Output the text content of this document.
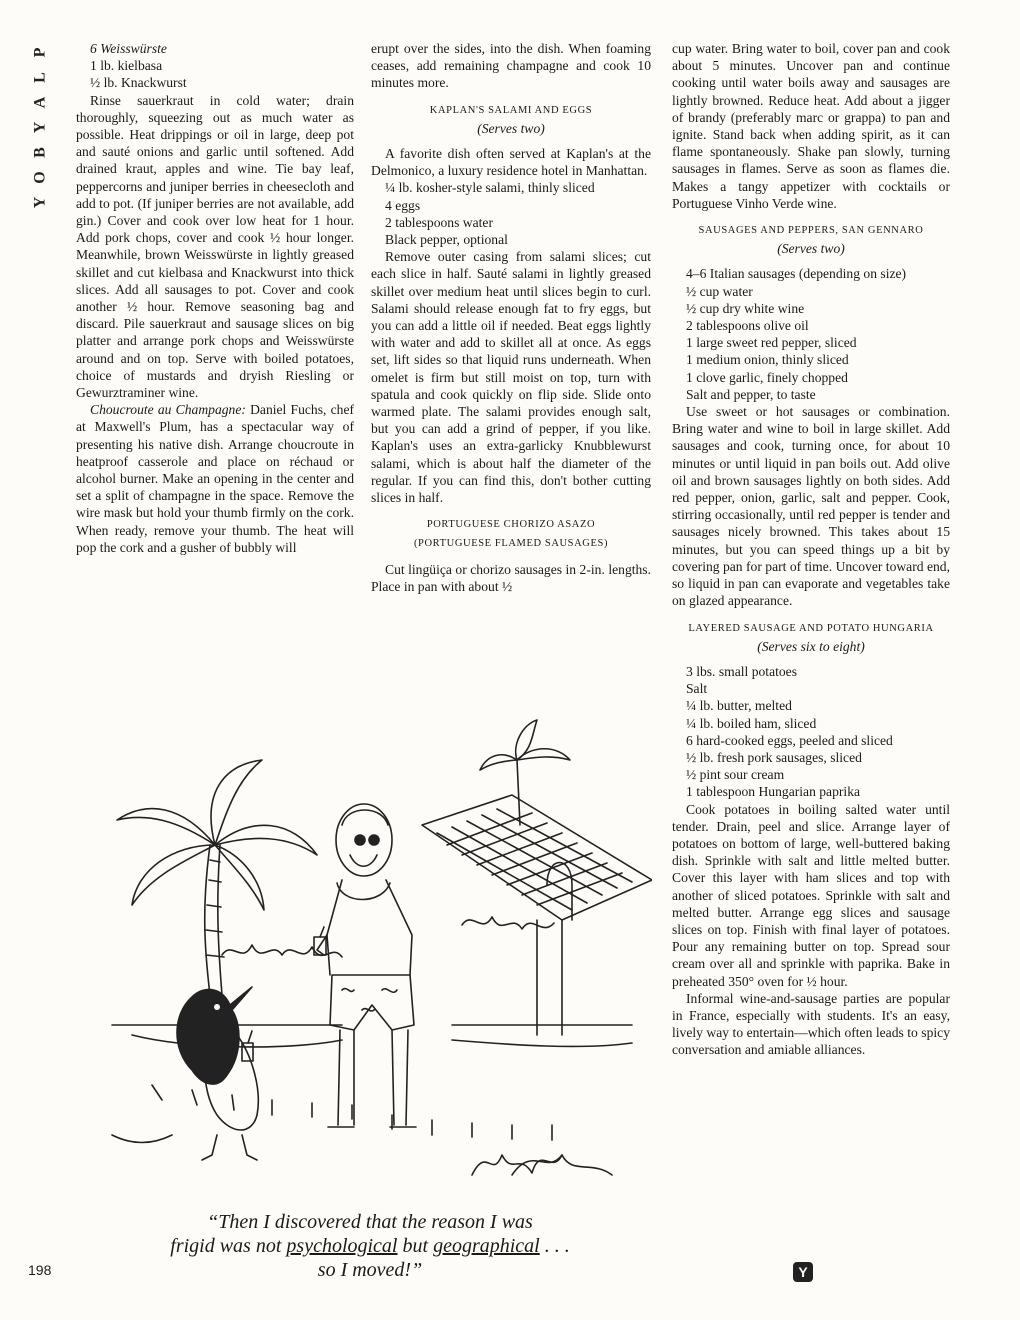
P
L
A
Y
B
O
Y
6 Weisswürste
1 lb. kielbasa
½ lb. Knackwurst

Rinse sauerkraut in cold water; drain thoroughly, squeezing out as much water as possible. Heat drippings or oil in large, deep pot and sauté onions and garlic until softened. Add drained kraut, apples and wine. Tie bay leaf, peppercorns and juniper berries in cheesecloth and add to pot. (If juniper berries are not available, add gin.) Cover and cook over low heat for 1 hour. Add pork chops, cover and cook ½ hour longer. Meanwhile, brown Weisswürste in lightly greased skillet and cut kielbasa and Knackwurst into thick slices. Add all sausages to pot. Cover and cook another ½ hour. Remove seasoning bag and discard. Pile sauerkraut and sausage slices on big platter and arrange pork chops and Weisswürste around and on top. Serve with boiled potatoes, choice of mustards and dryish Riesling or Gewurztraminer wine.

Choucroute au Champagne: Daniel Fuchs, chef at Maxwell's Plum, has a spectacular way of presenting his native dish. Arrange choucroute in heatproof casserole and place on réchaud or alcohol burner. Make an opening in the center and set a split of champagne in the space. Remove the wire mask but hold your thumb firmly on the cork. When ready, remove your thumb. The heat will pop the cork and a gusher of bubbly will

erupt over the sides, into the dish. When foaming ceases, add remaining champagne and cook 10 minutes more.

KAPLAN'S SALAMI AND EGGS
(Serves two)

A favorite dish often served at Kaplan's at the Delmonico, a luxury residence hotel in Manhattan.

¼ lb. kosher-style salami, thinly sliced
4 eggs
2 tablespoons water
Black pepper, optional

Remove outer casing from salami slices; cut each slice in half. Sauté salami in lightly greased skillet over medium heat until slices begin to curl. Salami should release enough fat to fry eggs, but you can add a little oil if needed. Beat eggs lightly with water and add to skillet all at once. As eggs set, lift sides so that liquid runs underneath. When omelet is firm but still moist on top, turn with spatula and cook quickly on flip side. Slide onto warmed plate. The salami provides enough salt, but you can add a grind of pepper, if you like. Kaplan's uses an extra-garlicky Knubblewurst salami, which is about half the diameter of the regular. If you can find this, don't bother cutting slices in half.

PORTUGUESE CHORIZO ASAZO
(PORTUGUESE FLAMED SAUSAGES)

Cut lingüiça or chorizo sausages in 2-in. lengths. Place in pan with about ½

cup water. Bring water to boil, cover pan and cook about 5 minutes. Uncover pan and continue cooking until water boils away and sausages are lightly browned. Reduce heat. Add about a jigger of brandy (preferably marc or grappa) to pan and ignite. Stand back when adding spirit, as it can flame spontaneously. Shake pan slowly, turning sausages in flames. Serve as soon as flames die. Makes a tangy appetizer with cocktails or Portuguese Vinho Verde wine.

SAUSAGES AND PEPPERS, SAN GENNARO
(Serves two)
4–6 Italian sausages (depending on size)
½ cup water
½ cup dry white wine
2 tablespoons olive oil
1 large sweet red pepper, sliced
1 medium onion, thinly sliced
1 clove garlic, finely chopped
Salt and pepper, to taste

Use sweet or hot sausages or combination. Bring water and wine to boil in large skillet. Add sausages and cook, turning once, for about 10 minutes or until liquid in pan boils out. Add olive oil and brown sausages lightly on both sides. Add red pepper, onion, garlic, salt and pepper. Cook, stirring occasionally, until red pepper is tender and sausages nicely browned. This takes about 15 minutes, but you can speed things up a bit by covering pan for part of time. Uncover toward end, so liquid in pan can evaporate and vegetables take on glazed appearance.

LAYERED SAUSAGE AND POTATO HUNGARIA
(Serves six to eight)
3 lbs. small potatoes
Salt
¼ lb. butter, melted
¼ lb. boiled ham, sliced
6 hard-cooked eggs, peeled and sliced
½ lb. fresh pork sausages, sliced
½ pint sour cream
1 tablespoon Hungarian paprika

Cook potatoes in boiling salted water until tender. Drain, peel and slice. Arrange layer of potatoes on bottom of large, well-buttered baking dish. Sprinkle with salt and little melted butter. Cover this layer with ham slices and top with another of sliced potatoes. Sprinkle with salt and melted butter. Arrange egg slices and sausage slices on top. Finish with final layer of potatoes. Pour any remaining butter on top. Spread sour cream over all and sprinkle with paprika. Bake in preheated 350° oven for ½ hour.

Informal wine-and-sausage parties are popular in France, especially with students. It's an easy, lively way to entertain—which often leads to spicy conversation and amiable alliances.

“Then I discovered that the reason I was
frigid was not psychological but geographical . . .
so I moved!”
198	Y
